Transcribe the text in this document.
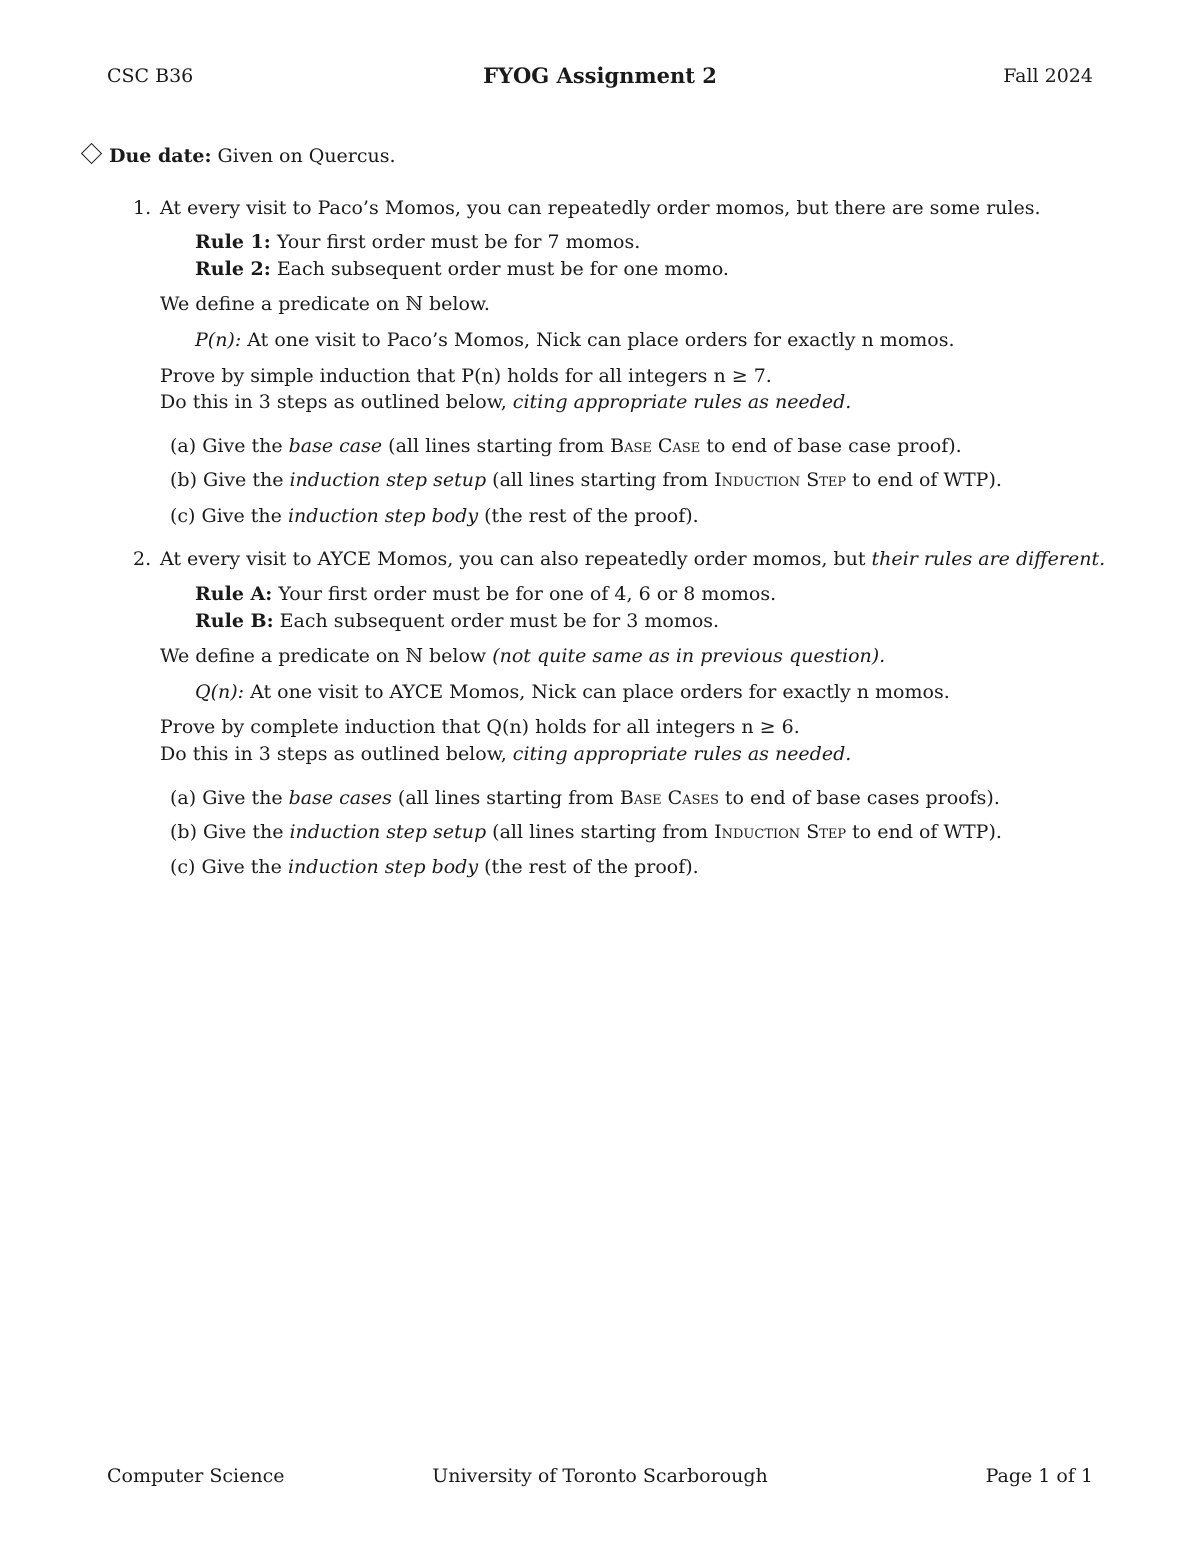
CSC B36	FYOG Assignment 2	Fall 2024
Due date: Given on Quercus.
1. At every visit to Paco’s Momos, you can repeatedly order momos, but there are some rules.
Rule 1: Your first order must be for 7 momos.
Rule 2: Each subsequent order must be for one momo.
We define a predicate on ℕ below.
P(n): At one visit to Paco’s Momos, Nick can place orders for exactly n momos.
Prove by simple induction that P(n) holds for all integers n ≥ 7.
Do this in 3 steps as outlined below, citing appropriate rules as needed.
(a) Give the base case (all lines starting from Base Case to end of base case proof).
(b) Give the induction step setup (all lines starting from Induction Step to end of WTP).
(c) Give the induction step body (the rest of the proof).
2. At every visit to AYCE Momos, you can also repeatedly order momos, but their rules are different.
Rule A: Your first order must be for one of 4, 6 or 8 momos.
Rule B: Each subsequent order must be for 3 momos.
We define a predicate on ℕ below (not quite same as in previous question).
Q(n): At one visit to AYCE Momos, Nick can place orders for exactly n momos.
Prove by complete induction that Q(n) holds for all integers n ≥ 6.
Do this in 3 steps as outlined below, citing appropriate rules as needed.
(a) Give the base cases (all lines starting from Base Cases to end of base cases proofs).
(b) Give the induction step setup (all lines starting from Induction Step to end of WTP).
(c) Give the induction step body (the rest of the proof).
Computer Science	University of Toronto Scarborough	Page 1 of 1
